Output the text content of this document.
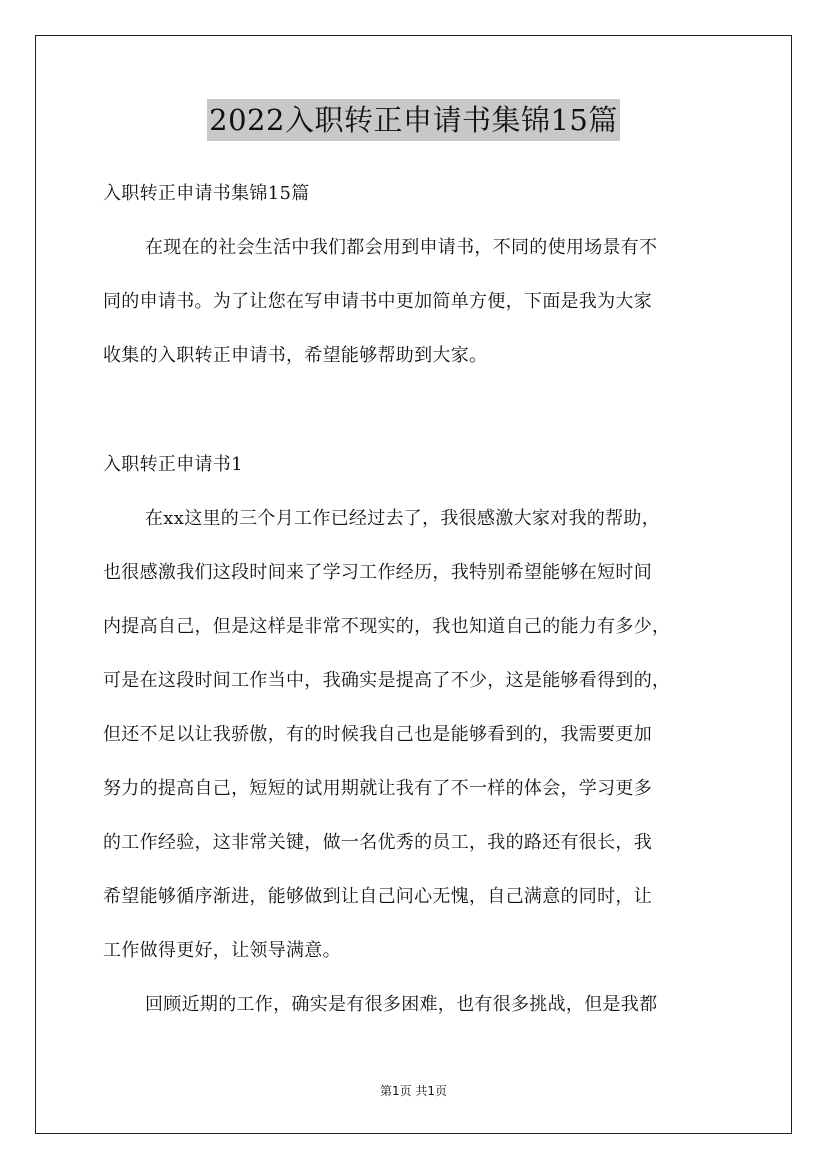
2022入职转正申请书集锦15篇
入职转正申请书集锦15篇
在现在的社会生活中我们都会用到申请书，不同的使用场景有不
同的申请书。为了让您在写申请书中更加简单方便，下面是我为大家
收集的入职转正申请书，希望能够帮助到大家。
入职转正申请书1
在xx这里的三个月工作已经过去了，我很感激大家对我的帮助，
也很感激我们这段时间来了学习工作经历，我特别希望能够在短时间
内提高自己，但是这样是非常不现实的，我也知道自己的能力有多少，
可是在这段时间工作当中，我确实是提高了不少，这是能够看得到的，
但还不足以让我骄傲，有的时候我自己也是能够看到的，我需要更加
努力的提高自己，短短的试用期就让我有了不一样的体会，学习更多
的工作经验，这非常关键，做一名优秀的员工，我的路还有很长，我
希望能够循序渐进，能够做到让自己问心无愧，自己满意的同时，让
工作做得更好，让领导满意。
回顾近期的工作，确实是有很多困难，也有很多挑战，但是我都
第1页 共1页
